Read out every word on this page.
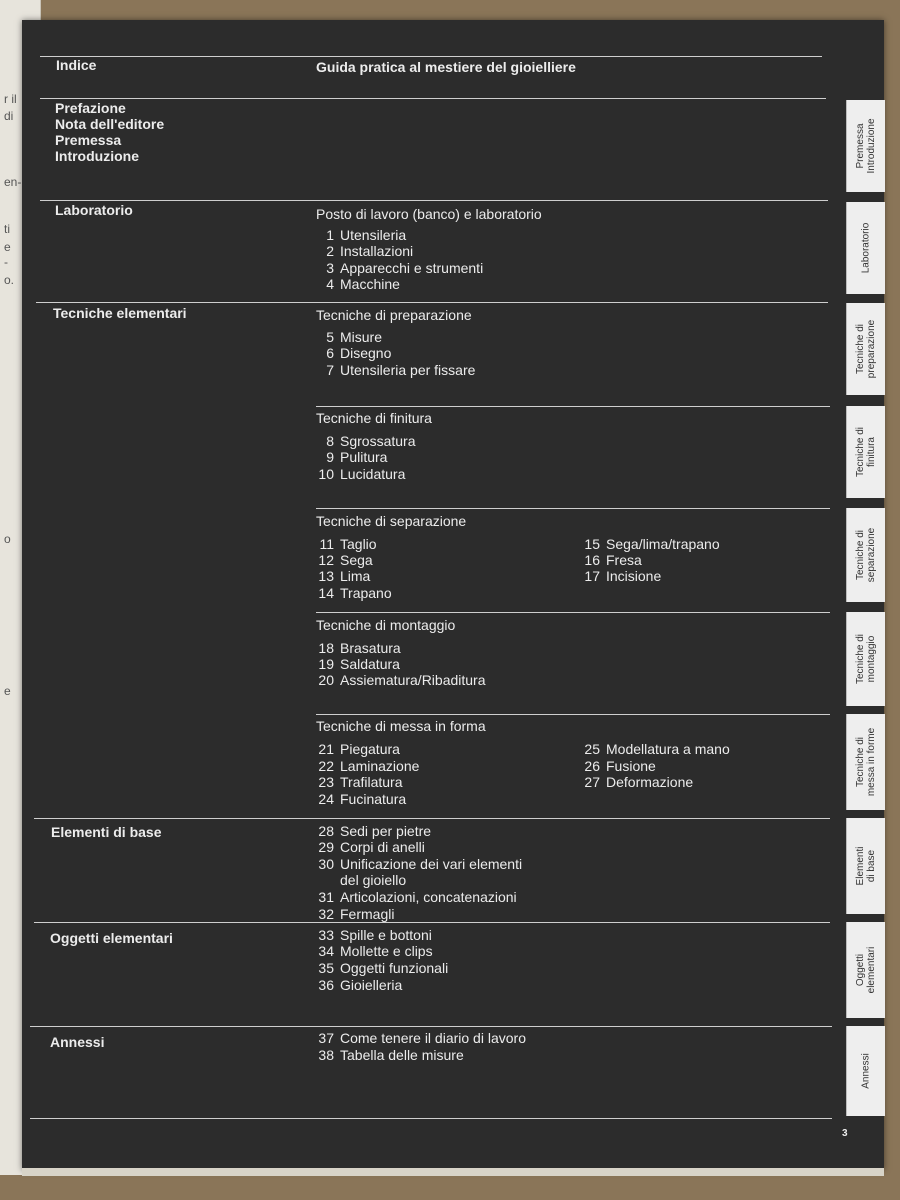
r il
di
en-
ti
e
-
o.
o
e
Indice	Guida pratica al mestiere del gioielliere
Prefazione
Nota dell'editore
Premessa
Introduzione
Laboratorio	Posto di lavoro (banco) e laboratorio
1 Utensileria
2 Installazioni
3 Apparecchi e strumenti
4 Macchine
Tecniche elementari	Tecniche di preparazione
5 Misure
6 Disegno
7 Utensileria per fissare
Tecniche di finitura
8 Sgrossatura
9 Pulitura
10 Lucidatura
Tecniche di separazione
11 Taglio
12 Sega
13 Lima
14 Trapano
15 Sega/lima/trapano
16 Fresa
17 Incisione
Tecniche di montaggio
18 Brasatura
19 Saldatura
20 Assiematura/Ribaditura
Tecniche di messa in forma
21 Piegatura
22 Laminazione
23 Trafilatura
24 Fucinatura
25 Modellatura a mano
26 Fusione
27 Deformazione
Elementi di base	28 Sedi per pietre
29 Corpi di anelli
30 Unificazione dei vari elementi
del gioiello
31 Articolazioni, concatenazioni
32 Fermagli
Oggetti elementari	33 Spille e bottoni
34 Mollette e clips
35 Oggetti funzionali
36 Gioielleria
Annessi	37 Come tenere il diario di lavoro
38 Tabella delle misure
Premessa
Introduzione
Laboratorio
Tecniche di
preparazione
Tecniche di
finitura
Tecniche di
separazione
Tecniche di
montaggio
Tecniche di
messa in forme
Elementi
di base
Oggetti
elementari
Annessi
3
